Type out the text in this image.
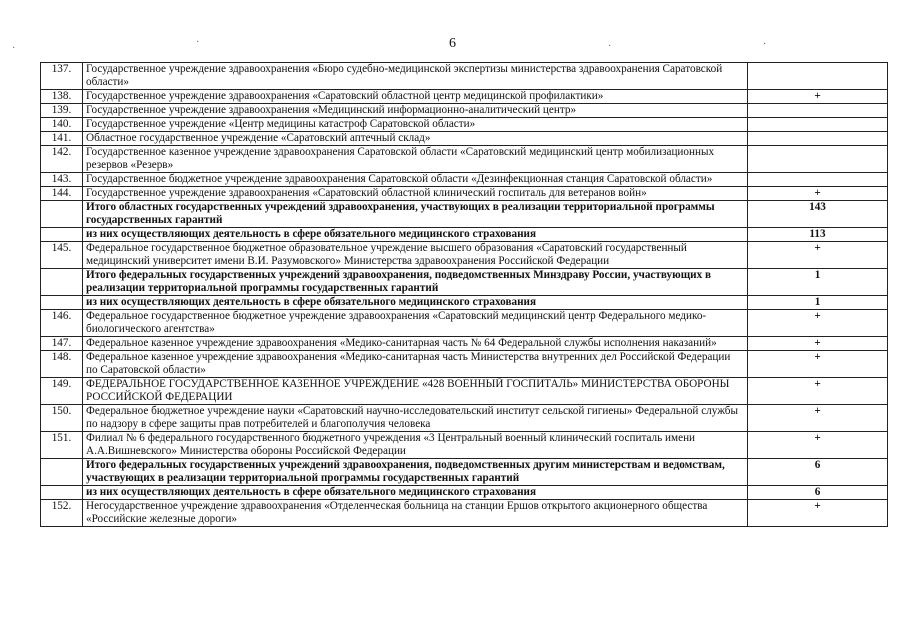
6
·
·	·	·
137.	Государственное учреждение здравоохранения «Бюро судебно-медицинской экспертизы министерства здравоохранения Саратовской области»	
138.	Государственное учреждение здравоохранения «Саратовский областной центр медицинской профилактики»	+
139.	Государственное учреждение здравоохранения «Медицинский информационно-аналитический центр»	
140.	Государственное учреждение «Центр медицины катастроф Саратовской области»	
141.	Областное государственное учреждение «Саратовский аптечный склад»	
142.	Государственное казенное учреждение здравоохранения Саратовской области «Саратовский медицинский центр мобилизационных резервов «Резерв»	
143.	Государственное бюджетное учреждение здравоохранения Саратовской области «Дезинфекционная станция Саратовской области»	
144.	Государственное учреждение здравоохранения «Саратовский областной клинический госпиталь для ветеранов войн»	+
	Итого областных государственных учреждений здравоохранения, участвующих в реализации территориальной программы государственных гарантий	143
	из них осуществляющих деятельность в сфере обязательного медицинского страхования	113
145.	Федеральное государственное бюджетное образовательное учреждение высшего образования «Саратовский государственный медицинский университет имени В.И. Разумовского» Министерства здравоохранения Российской Федерации	+
	Итого федеральных государственных учреждений здравоохранения, подведомственных Минздраву России, участвующих в реализации территориальной программы государственных гарантий	1
	из них осуществляющих деятельность в сфере обязательного медицинского страхования	1
146.	Федеральное государственное бюджетное учреждение здравоохранения «Саратовский медицинский центр Федерального медико-биологического агентства»	+
147.	Федеральное казенное учреждение здравоохранения «Медико-санитарная часть № 64 Федеральной службы исполнения наказаний»	+
148.	Федеральное казенное учреждение здравоохранения «Медико-санитарная часть Министерства внутренних дел Российской Федерации по Саратовской области»	+
149.	ФЕДЕРАЛЬНОЕ ГОСУДАРСТВЕННОЕ КАЗЕННОЕ УЧРЕЖДЕНИЕ «428 ВОЕННЫЙ ГОСПИТАЛЬ» МИНИСТЕРСТВА ОБОРОНЫ РОССИЙСКОЙ ФЕДЕРАЦИИ	+
150.	Федеральное бюджетное учреждение науки «Саратовский научно-исследовательский институт сельской гигиены» Федеральной службы по надзору в сфере защиты прав потребителей и благополучия человека	+
151.	Филиал № 6 федерального государственного бюджетного учреждения «3 Центральный военный клинический госпиталь имени А.А.Вишневского» Министерства обороны Российской Федерации	+
	Итого федеральных государственных учреждений здравоохранения, подведомственных другим министерствам и ведомствам, участвующих в реализации территориальной программы государственных гарантий	6
	из них осуществляющих деятельность в сфере обязательного медицинского страхования	6
152.	Негосударственное учреждение здравоохранения «Отделенческая больница на станции Ершов открытого акционерного общества «Российские железные дороги»	+
